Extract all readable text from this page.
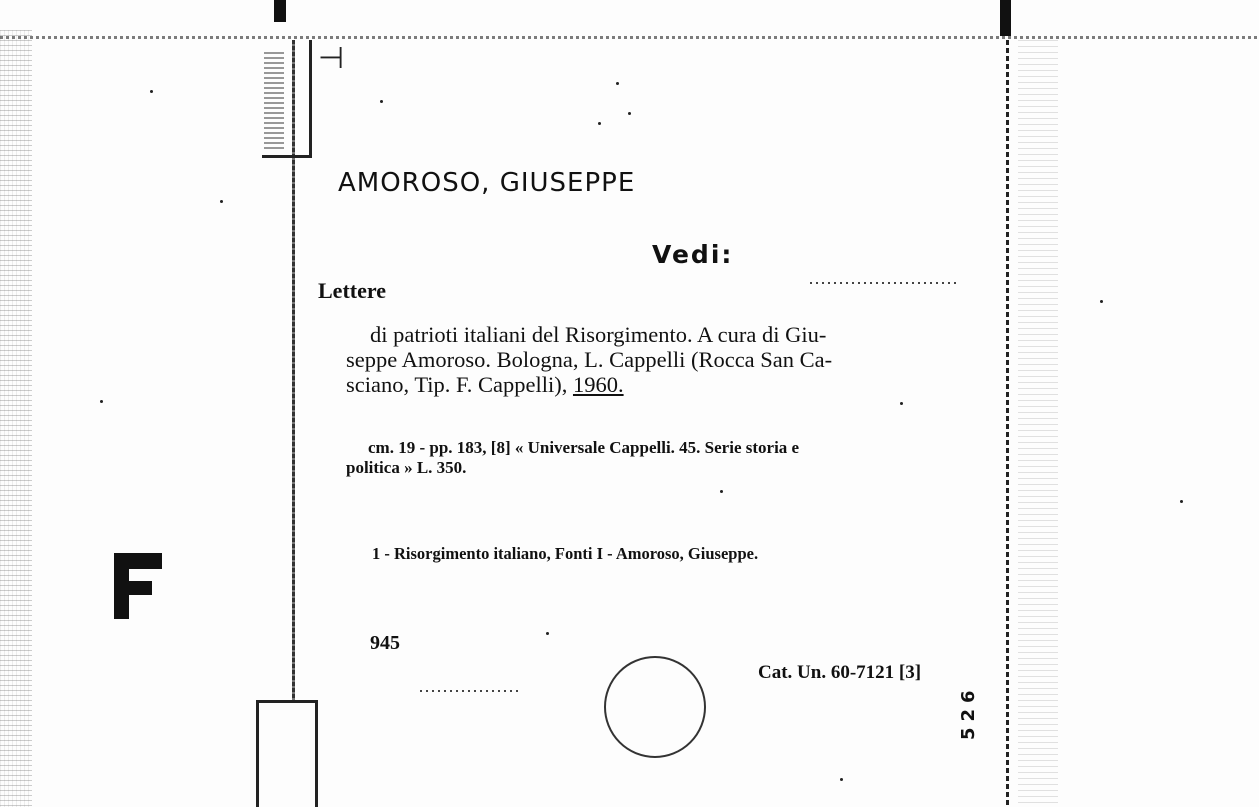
⊣
AMOROSO, GIUSEPPE
Vedi:
Lettere
di patrioti italiani del Risorgimento. A cura di Giu-
seppe Amoroso. Bologna, L. Cappelli (Rocca San Ca-
sciano, Tip. F. Cappelli), 1960.
cm. 19 - pp. 183, [8] « Universale Cappelli. 45. Serie storia e
politica » L. 350.
1 - Risorgimento italiano, Fonti I - Amoroso, Giuseppe.
945
Cat. Un. 60-7121 [3]
526
